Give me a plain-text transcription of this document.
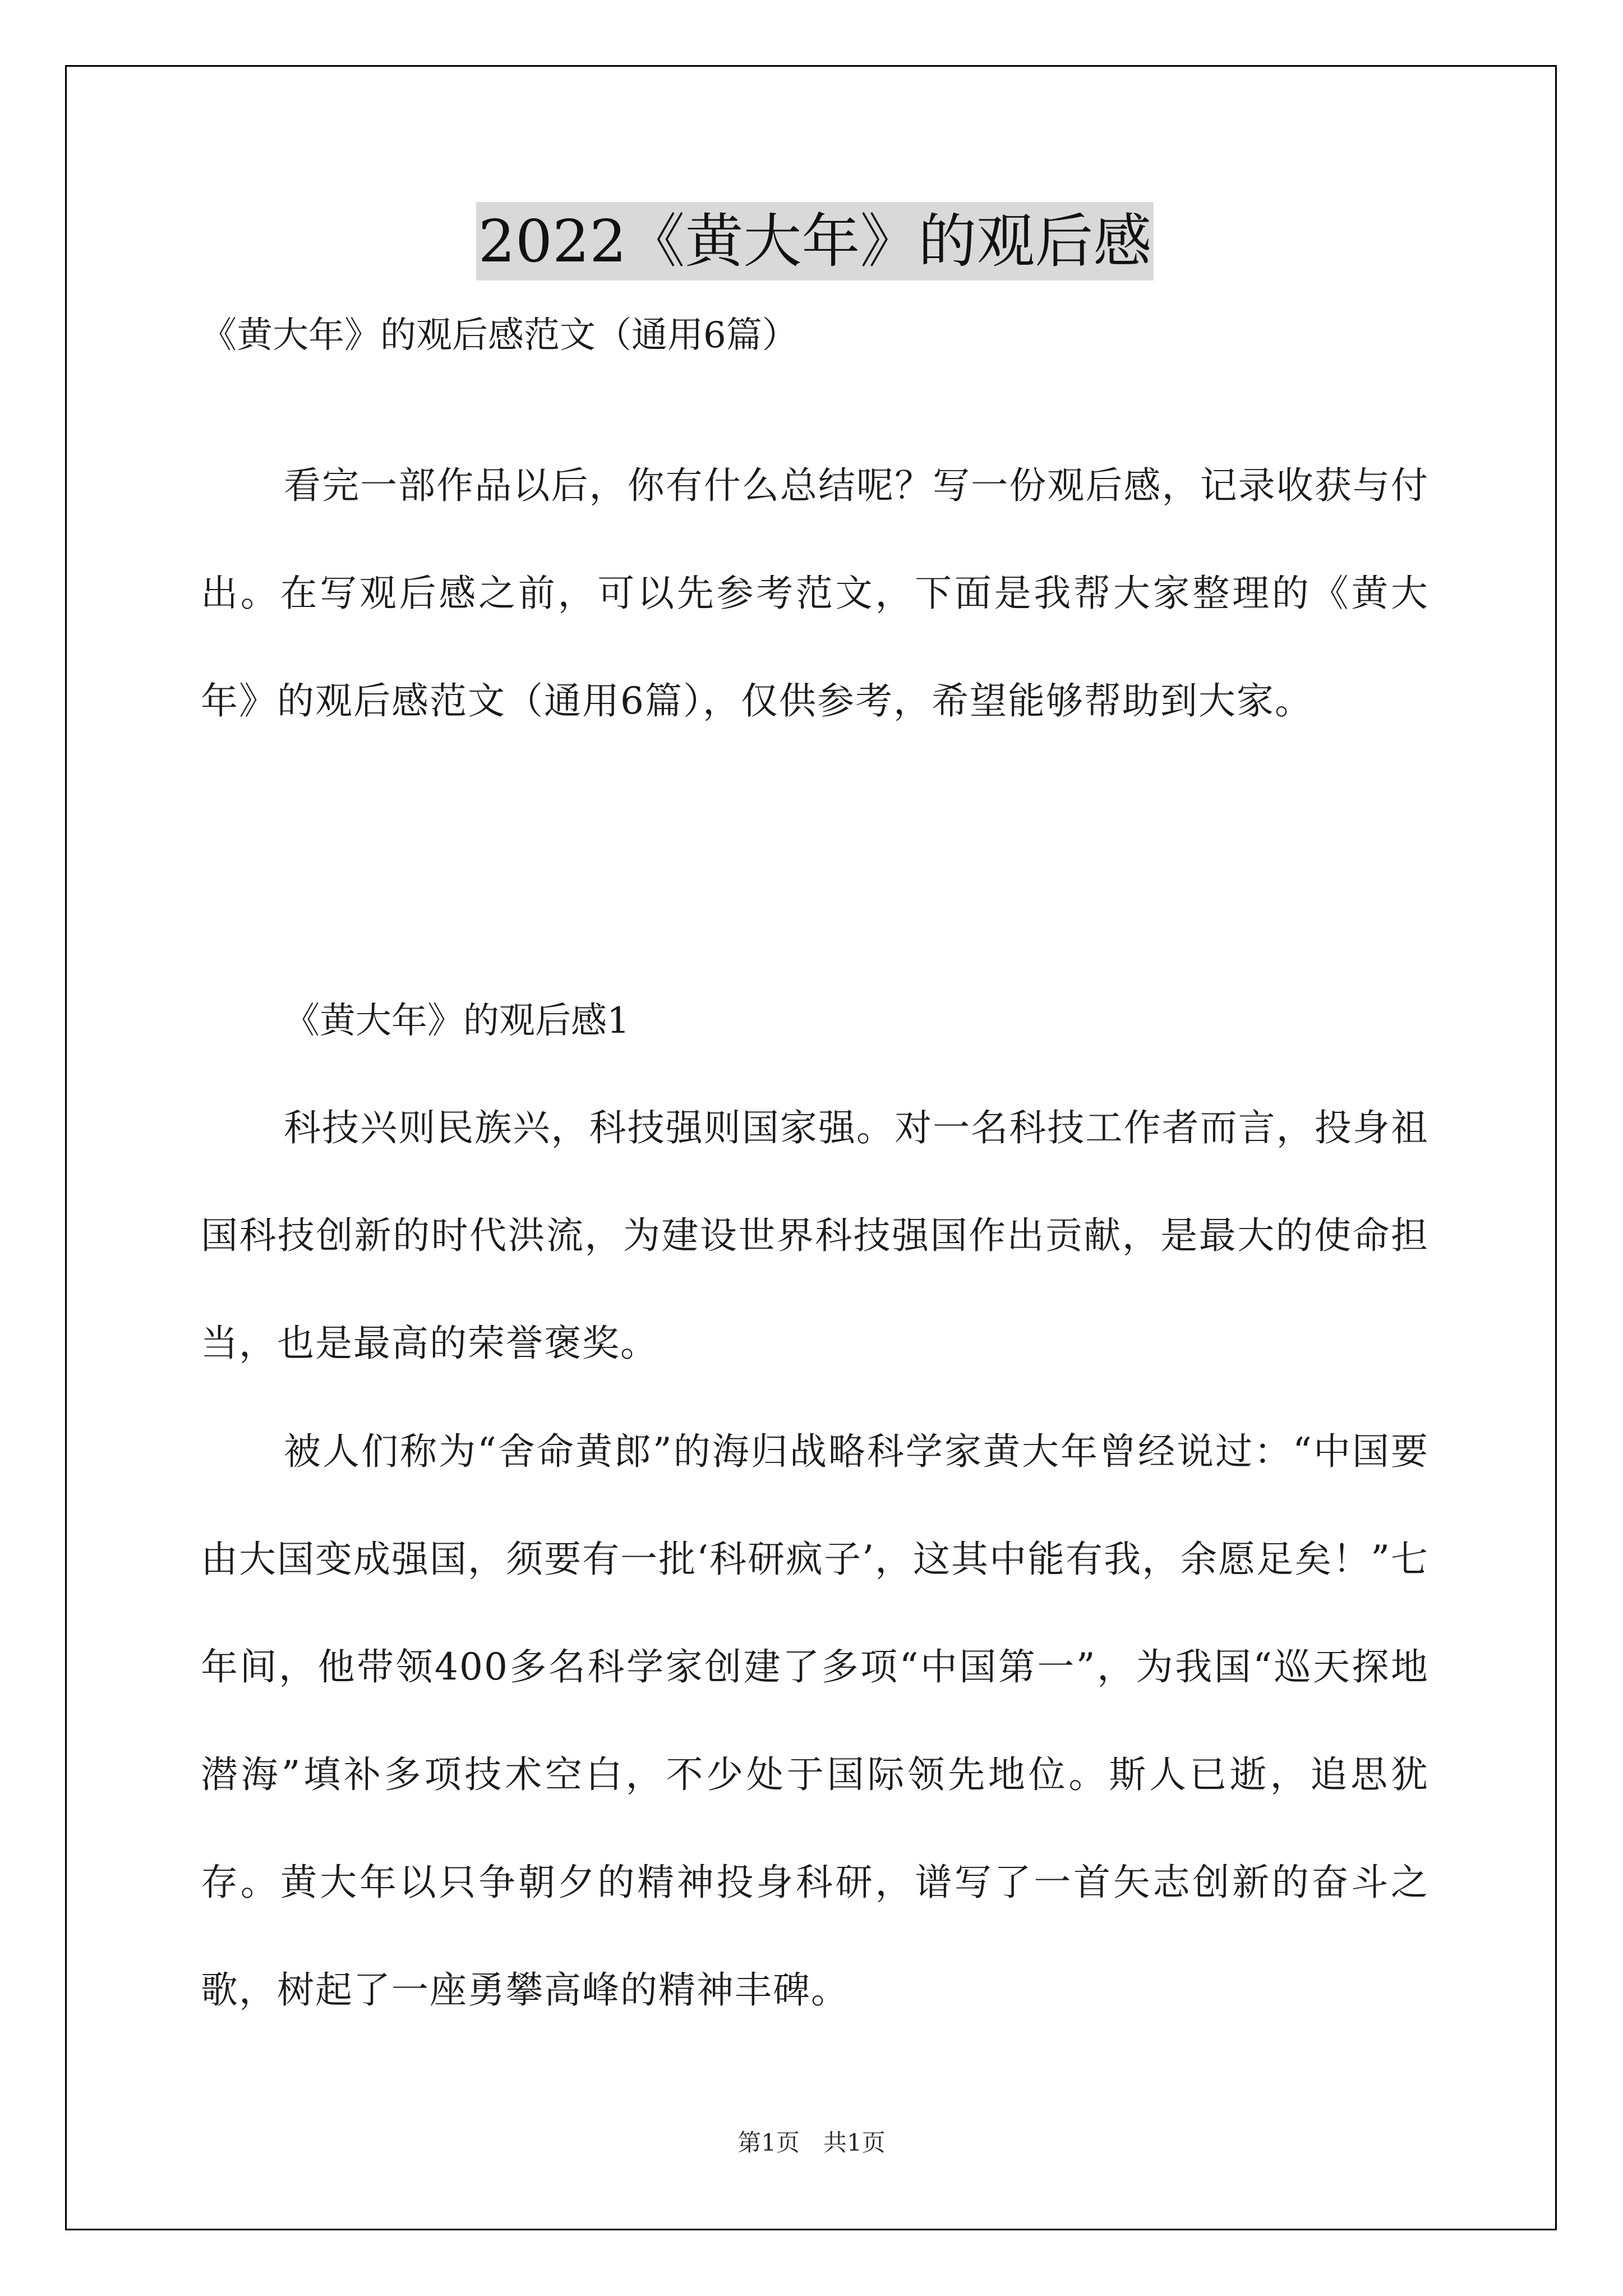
2022《黄大年》的观后感
《黄大年》的观后感范文（通用6篇）

看完一部作品以后，你有什么总结呢？写一份观后感，记录收获与付出。在写观后感之前，可以先参考范文，下面是我帮大家整理的《黄大年》的观后感范文（通用6篇），仅供参考，希望能够帮助到大家。

《黄大年》的观后感1

科技兴则民族兴，科技强则国家强。对一名科技工作者而言，投身祖国科技创新的时代洪流，为建设世界科技强国作出贡献，是最大的使命担当，也是最高的荣誉褒奖。

被人们称为“舍命黄郎”的海归战略科学家黄大年曾经说过：“中国要由大国变成强国，须要有一批‘科研疯子’，这其中能有我，余愿足矣！”七年间，他带领400多名科学家创建了多项“中国第一”，为我国“巡天探地潜海”填补多项技术空白，不少处于国际领先地位。斯人已逝，追思犹存。黄大年以只争朝夕的精神投身科研，谱写了一首矢志创新的奋斗之歌，树起了一座勇攀高峰的精神丰碑。

第1页　共1页
